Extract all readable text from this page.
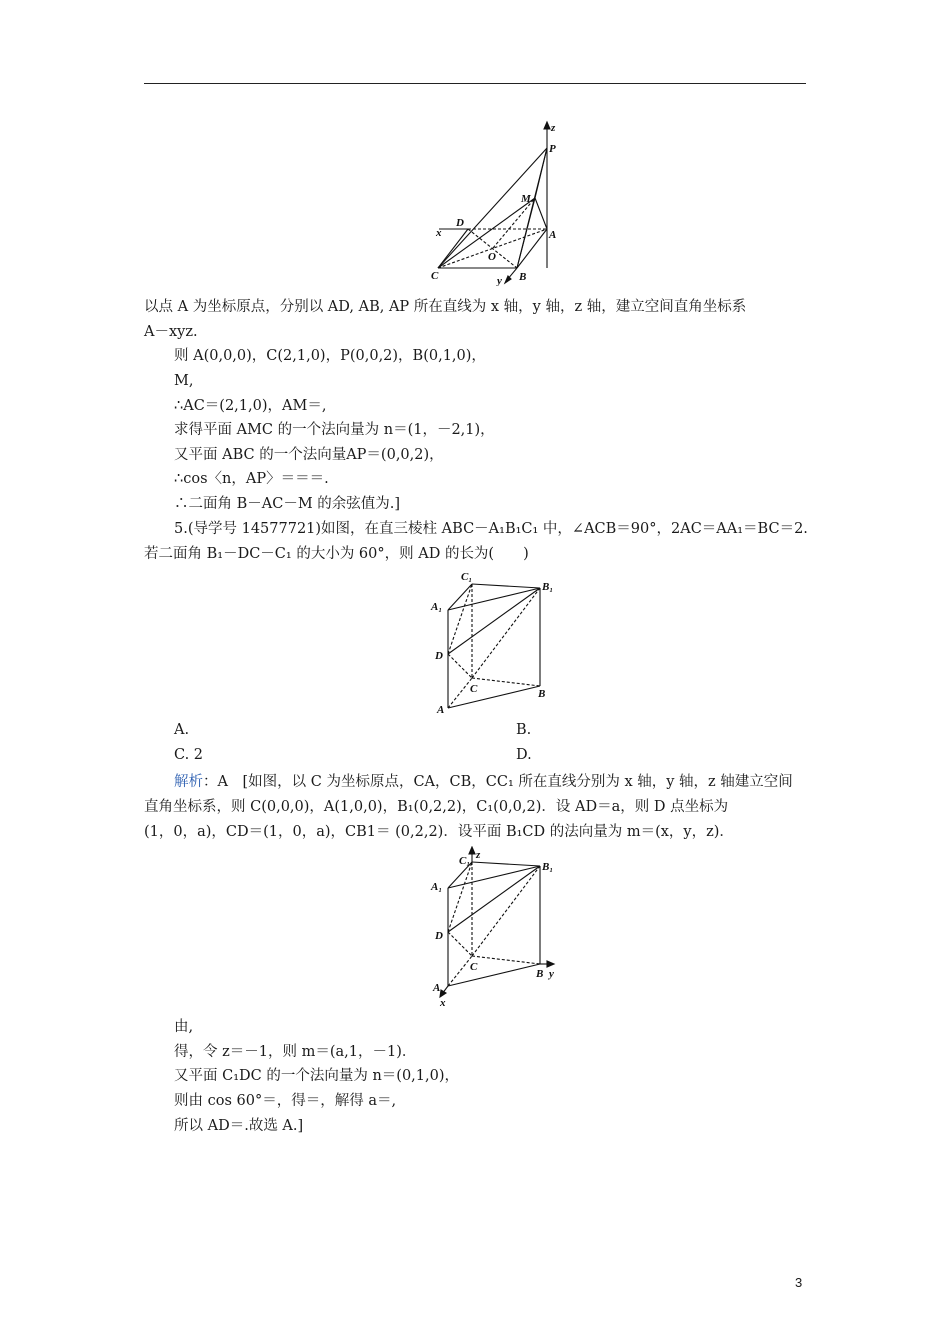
z
P
M
D
A
x
O
C	B
y
以点 A 为坐标原点，分别以 AD, AB, AP 所在直线为 x 轴，y 轴，z 轴，建立空间直角坐标系
A－xyz.
则 A(0,0,0)，C(2,1,0)，P(0,0,2)，B(0,1,0)，
M,
∴AC＝(2,1,0)，AM＝,
求得平面 AMC 的一个法向量为 n＝(1，－2,1)，
又平面 ABC 的一个法向量AP＝(0,0,2)，
∴cos〈n，AP〉＝＝＝.
∴二面角 B－AC－M 的余弦值为.]
5.(导学号 14577721)如图，在直三棱柱 ABC－A₁B₁C₁ 中，∠ACB＝90°，2AC＝AA₁＝BC＝2.
若二面角 B₁－DC－C₁ 的大小为 60°，则 AD 的长为(　　)
C₁
B₁
A₁
D
C	B
A
A.	B.
C. 2	D.
解析：A　[如图，以 C 为坐标原点，CA，CB，CC₁ 所在直线分别为 x 轴，y 轴，z 轴建立空间
直角坐标系，则 C(0,0,0)，A(1,0,0)，B₁(0,2,2)，C₁(0,0,2)．设 AD＝a，则 D 点坐标为
(1，0，a)，CD＝(1，0，a)，CB1＝ (0,2,2)．设平面 B₁CD 的法向量为 m＝(x，y，z)．
C₁ z
B₁
A₁
D
C
B y
A
x
由,
得，令 z＝－1，则 m＝(a,1，－1)．
又平面 C₁DC 的一个法向量为 n＝(0,1,0)，
则由 cos 60°＝，得＝，解得 a＝,
所以 AD＝.故选 A.]
3
